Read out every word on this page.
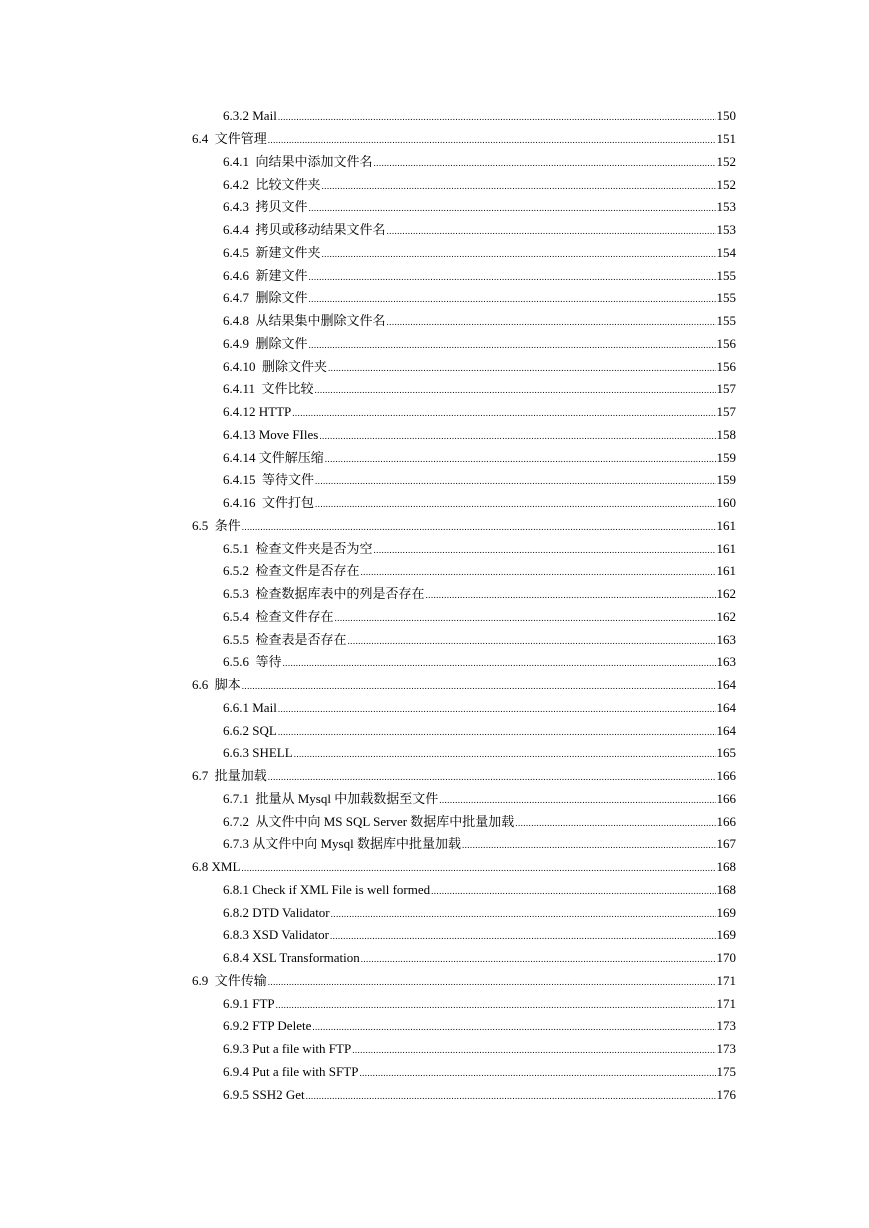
6.3.2 Mail .....	150
6.4  文件管理 .....	151
6.4.1  向结果中添加文件名 .....	152
6.4.2  比较文件夹 .....	152
6.4.3  拷贝文件 .....	153
6.4.4  拷贝或移动结果文件名 .....	153
6.4.5  新建文件夹 .....	154
6.4.6  新建文件 .....	155
6.4.7  删除文件 .....	155
6.4.8  从结果集中删除文件名 .....	155
6.4.9  删除文件 .....	156
6.4.10  删除文件夹 .....	156
6.4.11  文件比较 .....	157
6.4.12 HTTP .....	157
6.4.13 Move FIles .....	158
6.4.14 文件解压缩 .....	159
6.4.15  等待文件 .....	159
6.4.16  文件打包 .....	160
6.5  条件 .....	161
6.5.1  检查文件夹是否为空 .....	161
6.5.2  检查文件是否存在 .....	161
6.5.3  检查数据库表中的列是否存在 .....	162
6.5.4  检查文件存在 .....	162
6.5.5  检查表是否存在 .....	163
6.5.6  等待 .....	163
6.6  脚本 .....	164
6.6.1 Mail .....	164
6.6.2 SQL .....	164
6.6.3 SHELL .....	165
6.7  批量加载 .....	166
6.7.1  批量从 Mysql 中加载数据至文件 .....	166
6.7.2  从文件中向 MS SQL Server 数据库中批量加载 .....	166
6.7.3 从文件中向 Mysql 数据库中批量加载 .....	167
6.8 XML .....	168
6.8.1 Check if XML File is well formed .....	168
6.8.2 DTD Validator .....	169
6.8.3 XSD Validator .....	169
6.8.4 XSL Transformation .....	170
6.9  文件传输 .....	171
6.9.1 FTP .....	171
6.9.2 FTP Delete .....	173
6.9.3 Put a file with FTP .....	173
6.9.4 Put a file with SFTP .....	175
6.9.5 SSH2 Get .....	176
